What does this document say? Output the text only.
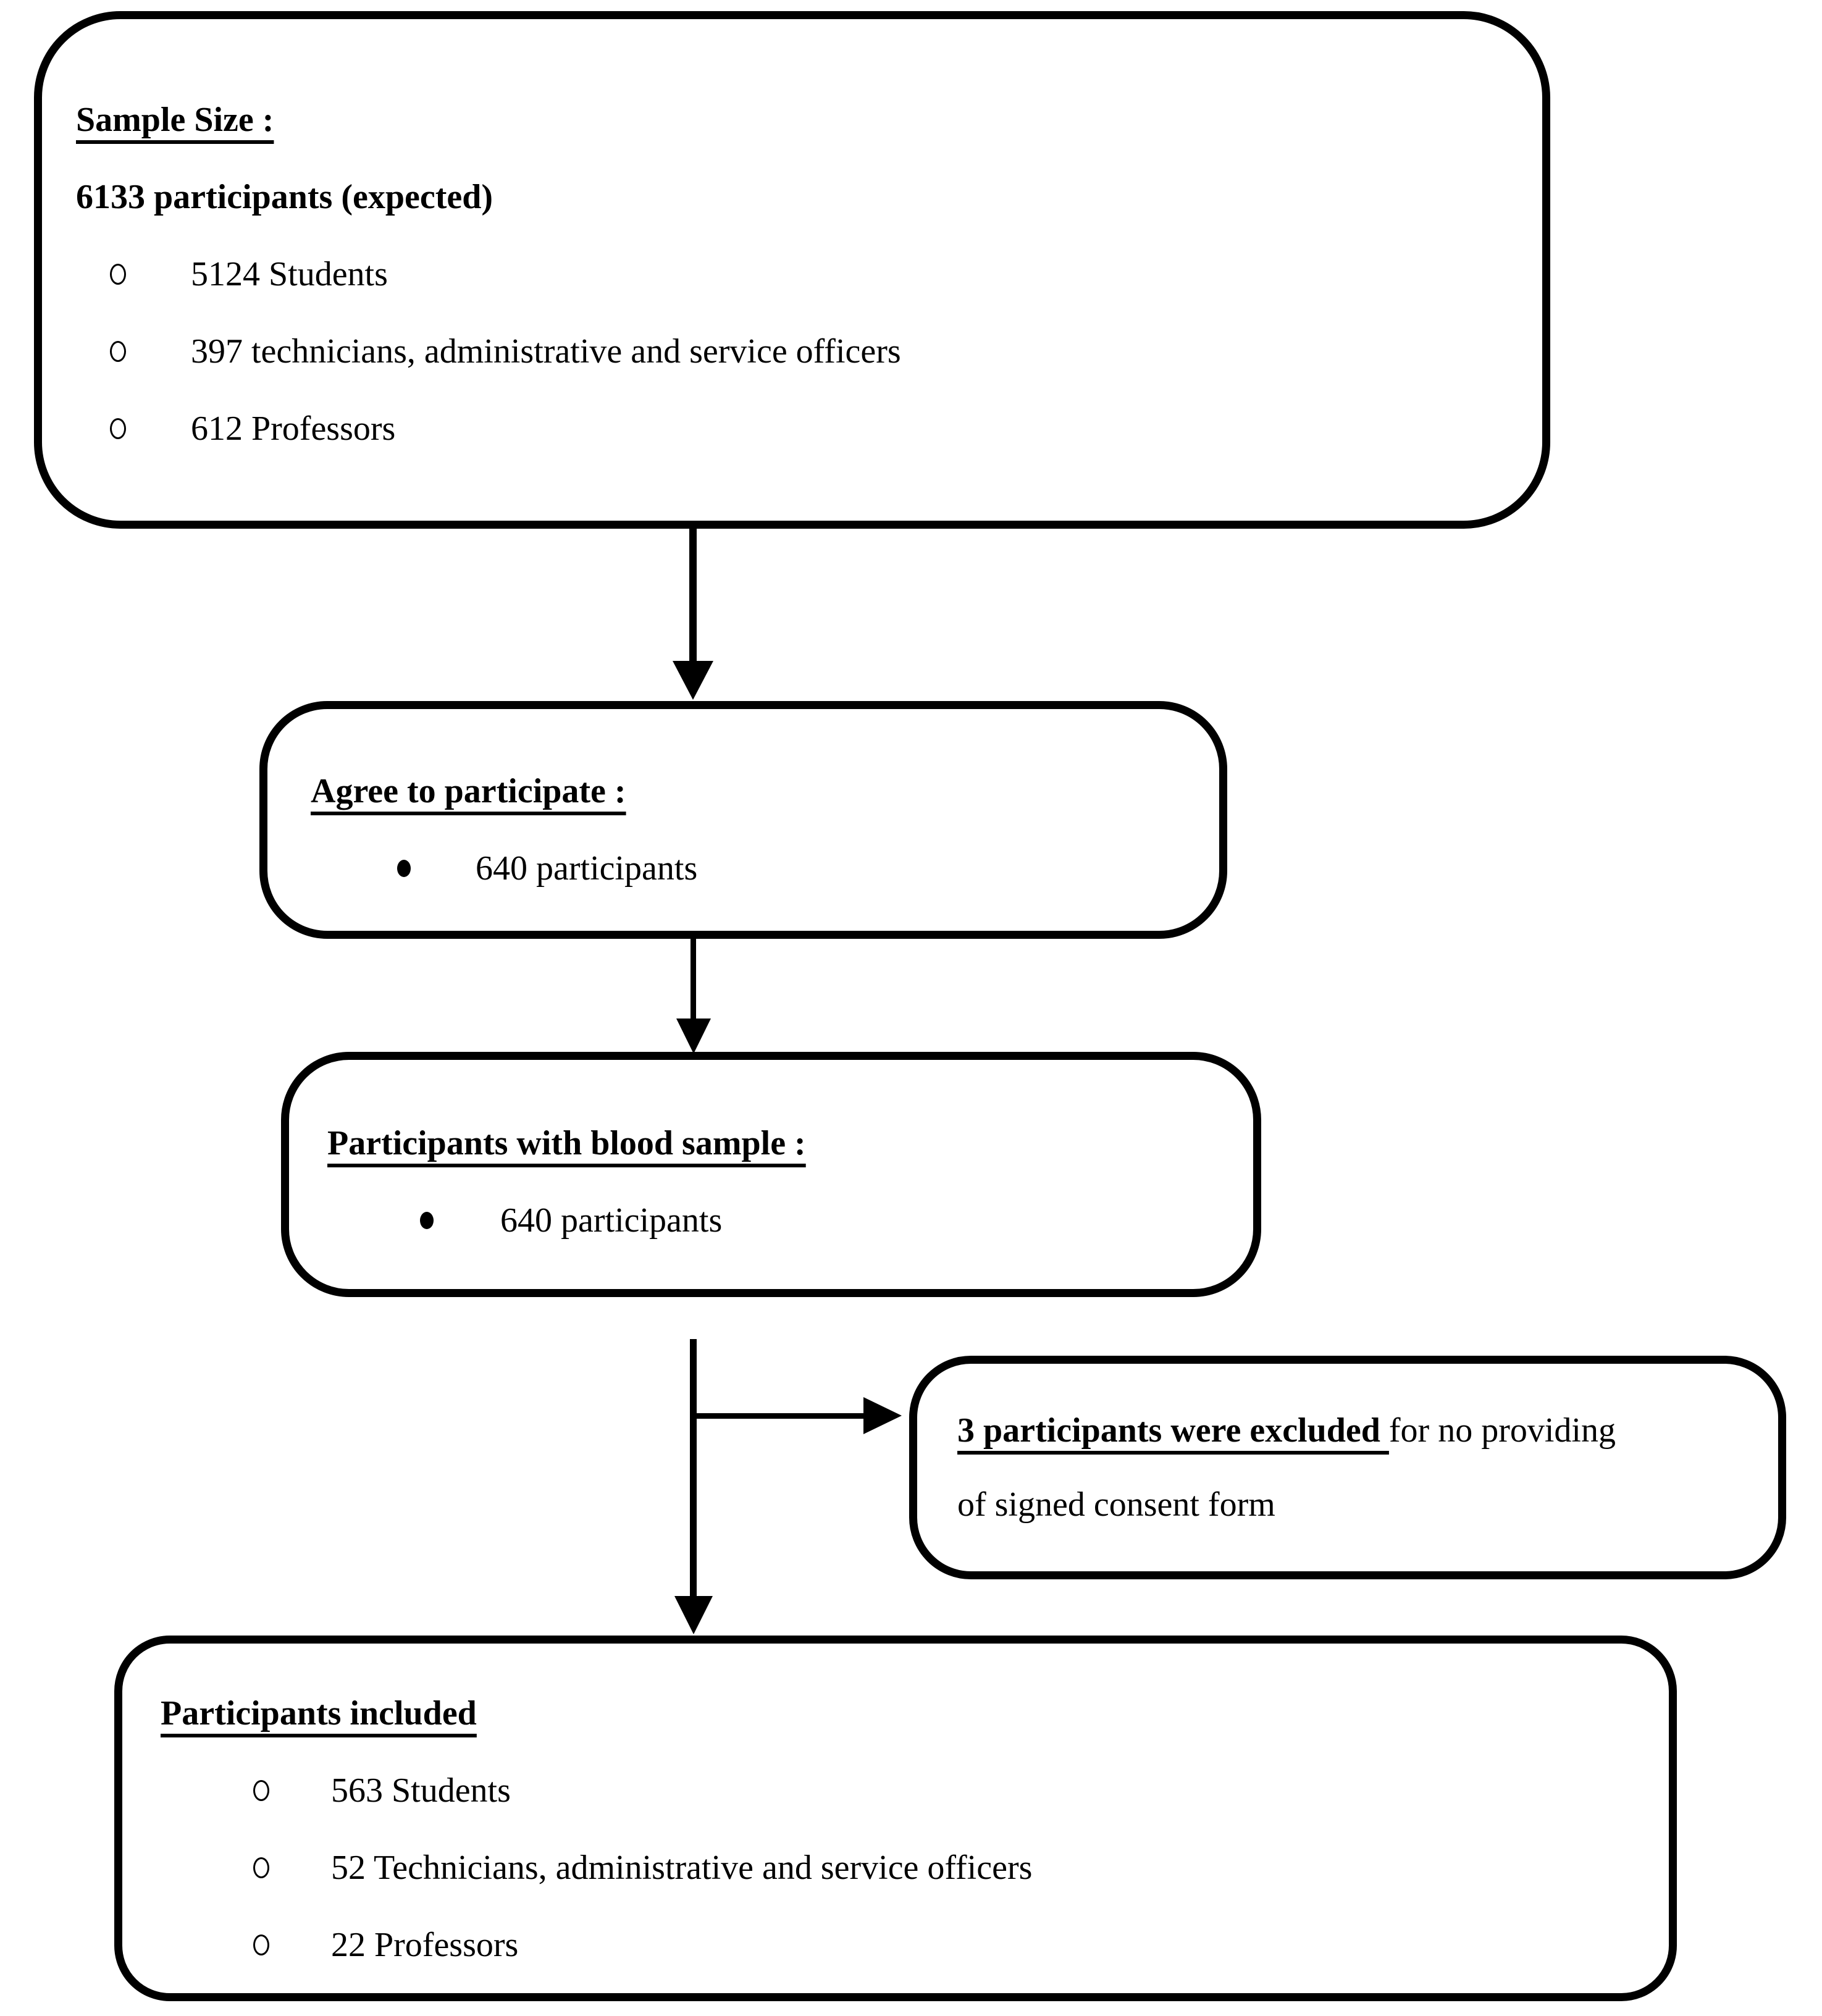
Sample Size :
6133 participants (expected)
5124 Students
397 technicians, administrative and service officers
612 Professors
Agree to participate :
640 participants
Participants with blood sample :
640 participants
3 participants were excluded for no providing
of signed consent form
Participants included
563 Students
52 Technicians, administrative and service officers
22 Professors
